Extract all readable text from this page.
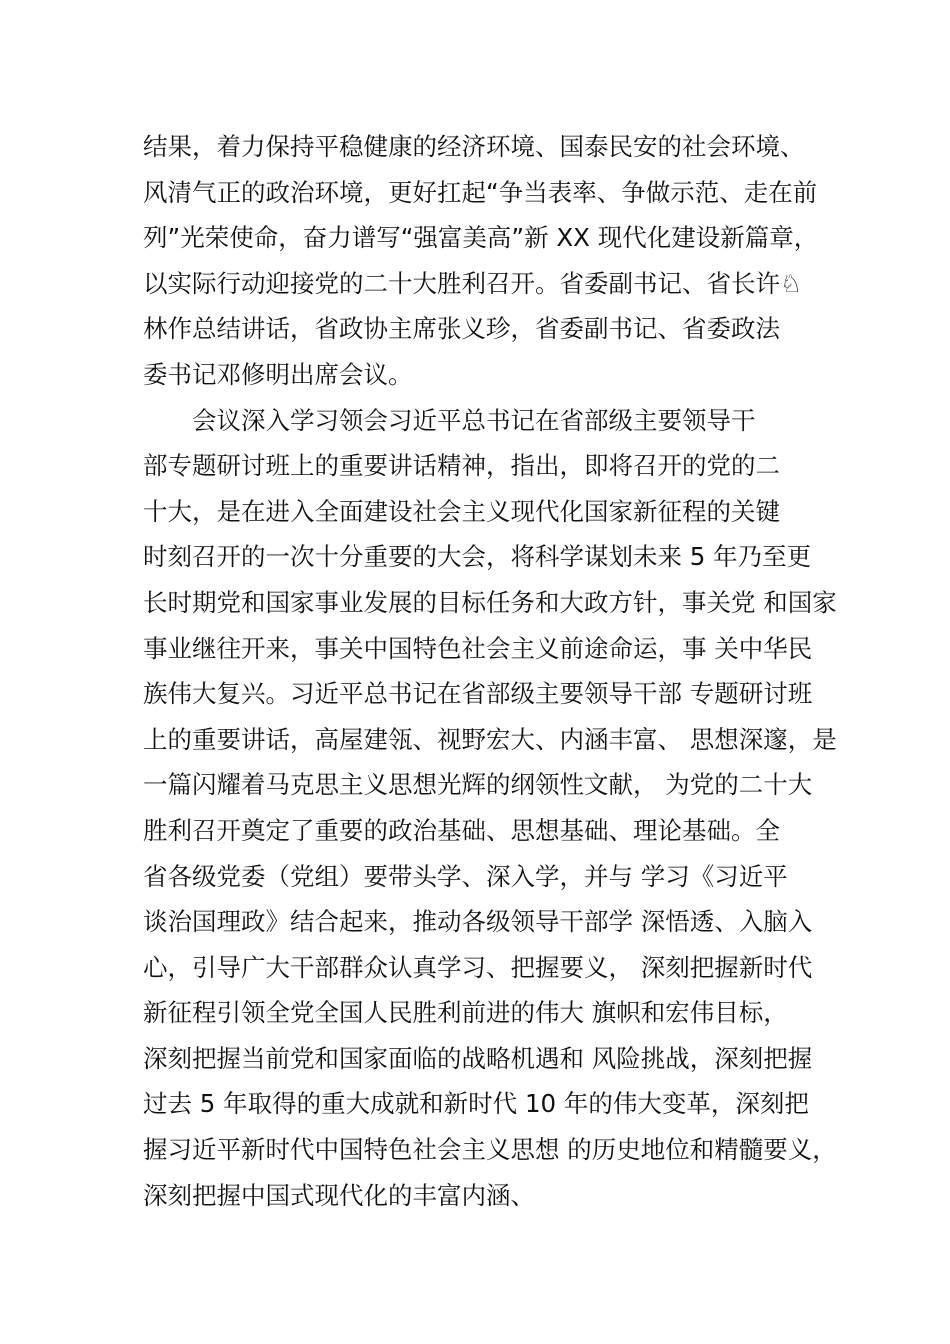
结果，着力保持平稳健康的经济环境、国泰民安的社会环境、
风清气正的政治环境，更好扛起“争当表率、争做示范、走在前
列”光荣使命，奋力谱写“强富美高”新 XX 现代化建设新篇章，
以实际行动迎接党的二十大胜利召开。省委副书记、省长许♘
林作总结讲话，省政协主席张义珍，省委副书记、省委政法
委书记邓修明出席会议。
　　会议深入学习领会习近平总书记在省部级主要领导干
部专题研讨班上的重要讲话精神，指出，即将召开的党的二
十大，是在进入全面建设社会主义现代化国家新征程的关键
时刻召开的一次十分重要的大会，将科学谋划未来 5 年乃至更
长时期党和国家事业发展的目标任务和大政方针，事关党 和国家
事业继往开来，事关中国特色社会主义前途命运，事 关中华民
族伟大复兴。习近平总书记在省部级主要领导干部 专题研讨班
上的重要讲话，高屋建瓴、视野宏大、内涵丰富、 思想深邃，是
一篇闪耀着马克思主义思想光辉的纲领性文献， 为党的二十大
胜利召开奠定了重要的政治基础、思想基础、理论基础。全
省各级党委（党组）要带头学、深入学，并与 学习《习近平
谈治国理政》结合起来，推动各级领导干部学 深悟透、入脑入
心，引导广大干部群众认真学习、把握要义， 深刻把握新时代
新征程引领全党全国人民胜利前进的伟大 旗帜和宏伟目标，
深刻把握当前党和国家面临的战略机遇和 风险挑战，深刻把握
过去 5 年取得的重大成就和新时代 10 年的伟大变革，深刻把
握习近平新时代中国特色社会主义思想 的历史地位和精髓要义，
深刻把握中国式现代化的丰富内涵、
